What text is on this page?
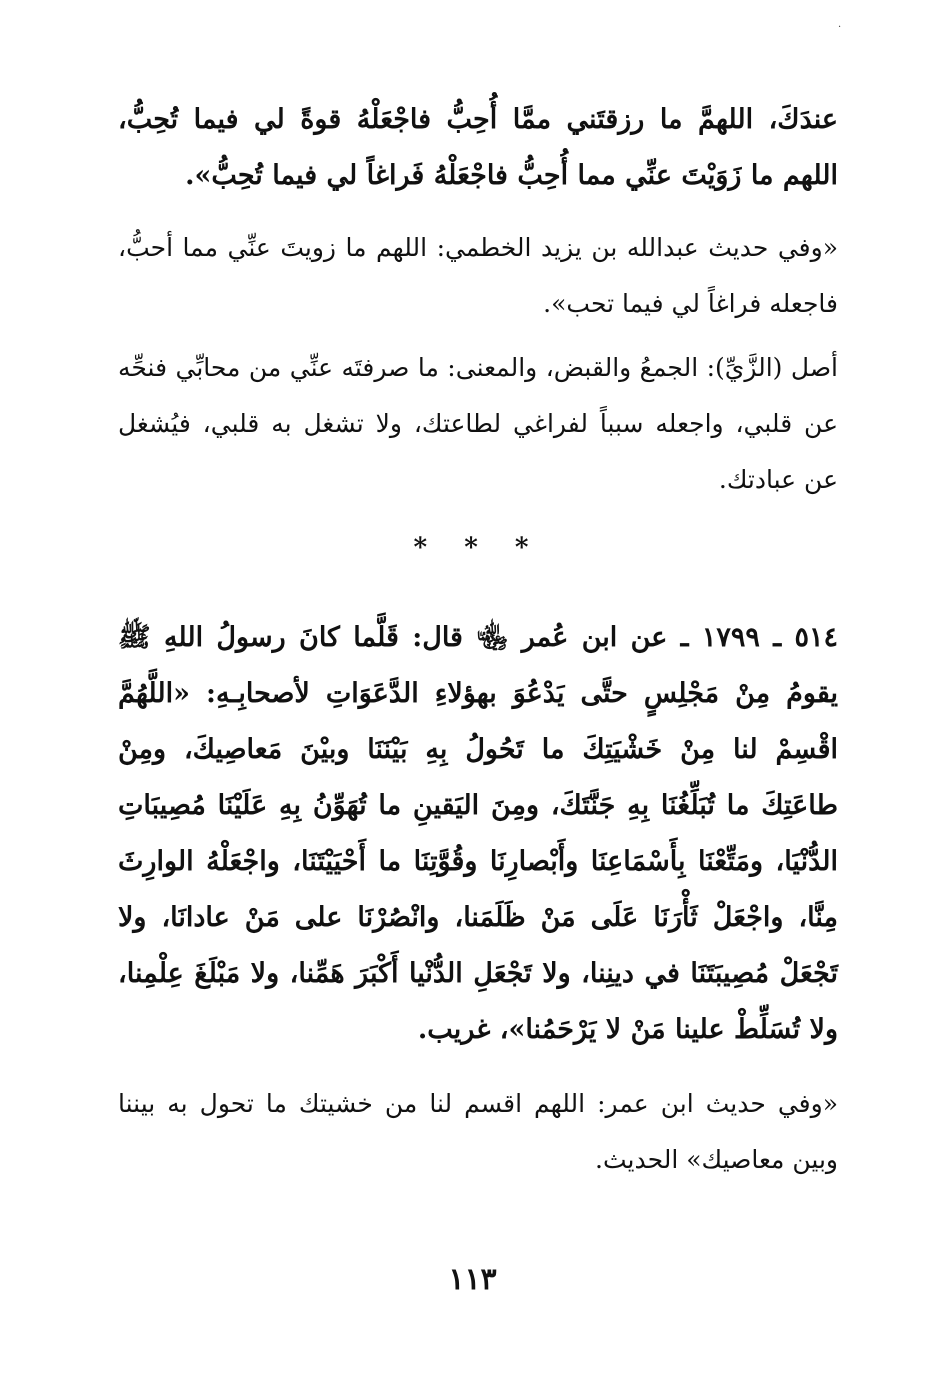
·

عندَكَ، اللهمَّ ما رزقتَني ممَّا أُحِبُّ فاجْعَلْهُ قوةً لي فيما تُحِبُّ، اللهم ما زَوَيْتَ عنِّي مما أُحِبُّ فاجْعَلْهُ فَراغاً لي فيما تُحِبُّ».

«وفي حديث عبدالله بن يزيد الخطمي: اللهم ما زويتَ عنِّي مما أحبُّ، فاجعله فراغاً لي فيما تحب».

أصل (الزَّيِّ): الجمعُ والقبض، والمعنى: ما صرفتَه عنِّي من محابِّي فنحِّه عن قلبي، واجعله سبباً لفراغي لطاعتك، ولا تشغل به قلبي، فيُشغل عن عبادتك.

* * *

٥١٤ ـ ١٧٩٩ ـ عن ابن عُمر ﵄ قال: قَلَّما كانَ رسولُ اللهِ ﷺ يقومُ مِنْ مَجْلِسٍ حتَّى يَدْعُوَ بهؤلاءِ الدَّعَوَاتِ لأصحابِـهِ: «اللَّهُمَّ اقْسِمْ لنا مِنْ خَشْيَتِكَ ما تَحُولُ بِهِ بَيْنَنَا وبيْنَ مَعاصِيكَ، ومِنْ طاعَتِكَ ما تُبَلِّغُنَا بِهِ جَنَّتَكَ، ومِنَ اليَقينِ ما تُهَوِّنُ بِهِ عَلَيْنَا مُصِيبَاتِ الدُّنْيَا، ومَتِّعْنَا بِأَسْمَاعِنَا وأَبْصارِنَا وقُوَّتِنَا ما أَحْيَيْتَنَا، واجْعَلْهُ الوارِثَ مِنَّا، واجْعَلْ ثَأْرَنَا عَلَى مَنْ ظَلَمَنا، وانْصُرْنَا على مَنْ عادانَا، ولا تَجْعَلْ مُصِيبَتَنَا في دينِنا، ولا تَجْعَلِ الدُّنْيا أَكْبَرَ هَمِّنا، ولا مَبْلَغَ عِلْمِنا، ولا تُسَلِّطْ علينا مَنْ لا يَرْحَمُنا»، غريب.

«وفي حديث ابن عمر: اللهم اقسم لنا من خشيتك ما تحول به بيننا وبين معاصيك» الحديث.

١١٣
